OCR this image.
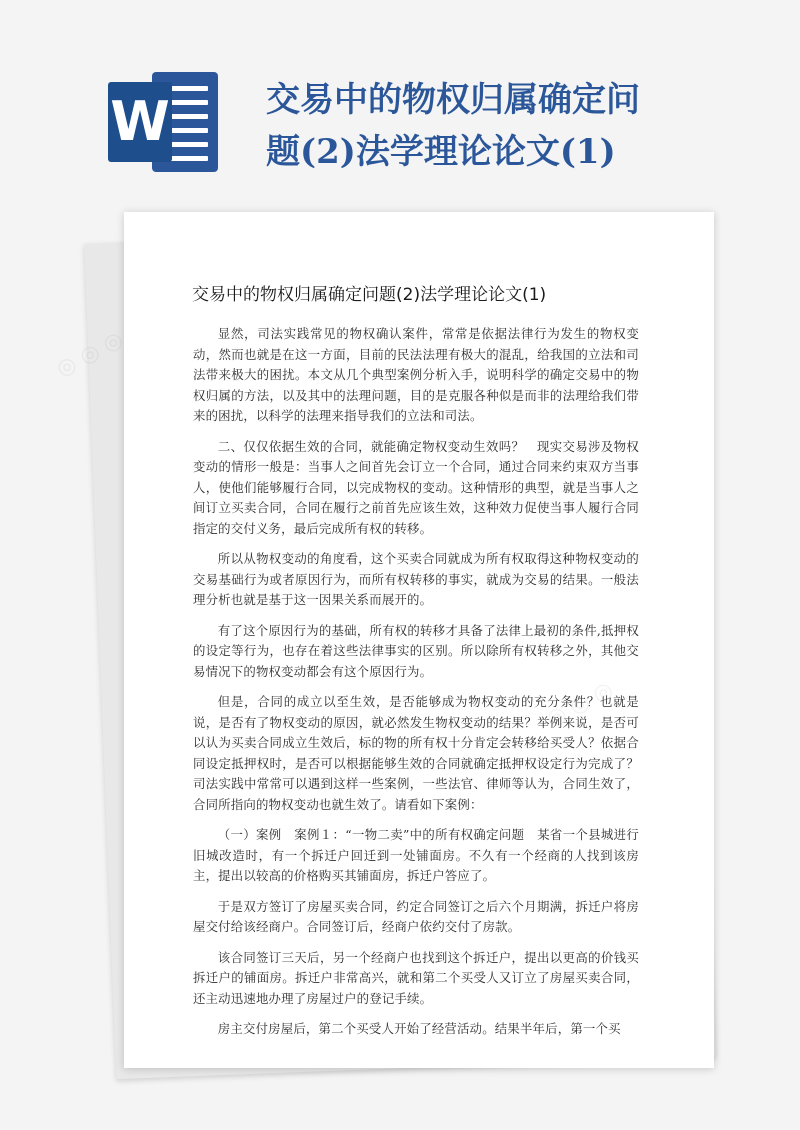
W	交易中的物权归属确定问题(2)法学理论论文(1)
◎
◎ ◎ ◎
交易中的物权归属确定问题(2)法学理论论文(1)

显然，司法实践常见的物权确认案件，常常是依据法律行为发生的物权变动，然而也就是在这一方面，目前的民法法理有极大的混乱，给我国的立法和司法带来极大的困扰。本文从几个典型案例分析入手，说明科学的确定交易中的物权归属的方法，以及其中的法理问题，目的是克服各种似是而非的法理给我们带来的困扰，以科学的法理来指导我们的立法和司法。

二、仅仅依据生效的合同，就能确定物权变动生效吗？　现实交易涉及物权变动的情形一般是：当事人之间首先会订立一个合同，通过合同来约束双方当事人，使他们能够履行合同，以完成物权的变动。这种情形的典型，就是当事人之间订立买卖合同，合同在履行之前首先应该生效，这种效力促使当事人履行合同指定的交付义务，最后完成所有权的转移。

所以从物权变动的角度看，这个买卖合同就成为所有权取得这种物权变动的交易基础行为或者原因行为，而所有权转移的事实，就成为交易的结果。一般法理分析也就是基于这一因果关系而展开的。

有了这个原因行为的基础，所有权的转移才具备了法律上最初的条件,抵押权的设定等行为，也存在着这些法律事实的区别。所以除所有权转移之外，其他交易情况下的物权变动都会有这个原因行为。

但是，合同的成立以至生效，是否能够成为物权变动的充分条件？也就是说，是否有了物权变动的原因，就必然发生物权变动的结果？举例来说，是否可以认为买卖合同成立生效后，标的物的所有权十分肯定会转移给买受人？依据合同设定抵押权时，是否可以根据能够生效的合同就确定抵押权设定行为完成了？　司法实践中常常可以遇到这样一些案例，一些法官、律师等认为，合同生效了，合同所指向的物权变动也就生效了。请看如下案例：

（一）案例　案例１：“一物二卖”中的所有权确定问题　某省一个县城进行旧城改造时，有一个拆迁户回迁到一处铺面房。不久有一个经商的人找到该房主，提出以较高的价格购买其铺面房，拆迁户答应了。

于是双方签订了房屋买卖合同，约定合同签订之后六个月期满，拆迁户将房屋交付给该经商户。合同签订后，经商户依约交付了房款。

该合同签订三天后，另一个经商户也找到这个拆迁户，提出以更高的价钱买拆迁户的铺面房。拆迁户非常高兴，就和第二个买受人又订立了房屋买卖合同，还主动迅速地办理了房屋过户的登记手续。

房主交付房屋后，第二个买受人开始了经营活动。结果半年后，第一个买
